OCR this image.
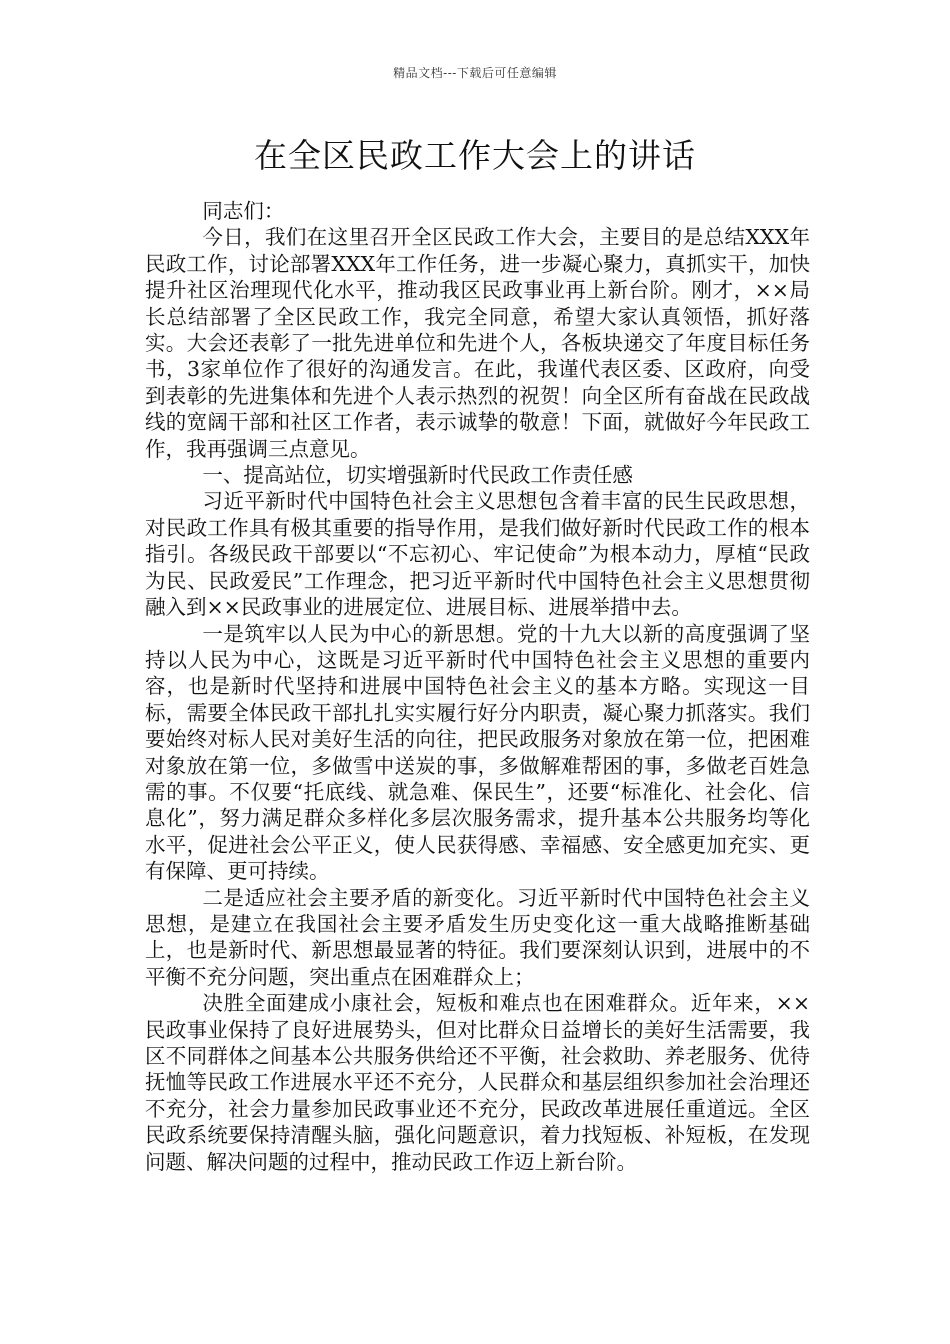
精品文档---下载后可任意编辑
在全区民政工作大会上的讲话

同志们：

今日，我们在这里召开全区民政工作大会，主要目的是总结XXX年民政工作，讨论部署XXX年工作任务，进一步凝心聚力，真抓实干，加快提升社区治理现代化水平，推动我区民政事业再上新台阶。刚才，××局长总结部署了全区民政工作，我完全同意，希望大家认真领悟，抓好落实。大会还表彰了一批先进单位和先进个人，各板块递交了年度目标任务书，3家单位作了很好的沟通发言。在此，我谨代表区委、区政府，向受到表彰的先进集体和先进个人表示热烈的祝贺！向全区所有奋战在民政战线的宽阔干部和社区工作者，表示诚挚的敬意！下面，就做好今年民政工作，我再强调三点意见。

一、提高站位，切实增强新时代民政工作责任感

习近平新时代中国特色社会主义思想包含着丰富的民生民政思想，对民政工作具有极其重要的指导作用，是我们做好新时代民政工作的根本指引。各级民政干部要以“不忘初心、牢记使命”为根本动力，厚植“民政为民、民政爱民”工作理念，把习近平新时代中国特色社会主义思想贯彻融入到××民政事业的进展定位、进展目标、进展举措中去。

一是筑牢以人民为中心的新思想。党的十九大以新的高度强调了坚持以人民为中心，这既是习近平新时代中国特色社会主义思想的重要内容，也是新时代坚持和进展中国特色社会主义的基本方略。实现这一目标，需要全体民政干部扎扎实实履行好分内职责，凝心聚力抓落实。我们要始终对标人民对美好生活的向往，把民政服务对象放在第一位，把困难对象放在第一位，多做雪中送炭的事，多做解难帮困的事，多做老百姓急需的事。不仅要“托底线、就急难、保民生”，还要“标准化、社会化、信息化”，努力满足群众多样化多层次服务需求，提升基本公共服务均等化水平，促进社会公平正义，使人民获得感、幸福感、安全感更加充实、更有保障、更可持续。

二是适应社会主要矛盾的新变化。习近平新时代中国特色社会主义思想，是建立在我国社会主要矛盾发生历史变化这一重大战略推断基础上，也是新时代、新思想最显著的特征。我们要深刻认识到，进展中的不平衡不充分问题，突出重点在困难群众上；

决胜全面建成小康社会，短板和难点也在困难群众。近年来，××民政事业保持了良好进展势头，但对比群众日益增长的美好生活需要，我区不同群体之间基本公共服务供给还不平衡，社会救助、养老服务、优待抚恤等民政工作进展水平还不充分，人民群众和基层组织参加社会治理还不充分，社会力量参加民政事业还不充分，民政改革进展任重道远。全区民政系统要保持清醒头脑，强化问题意识，着力找短板、补短板，在发现问题、解决问题的过程中，推动民政工作迈上新台阶。
